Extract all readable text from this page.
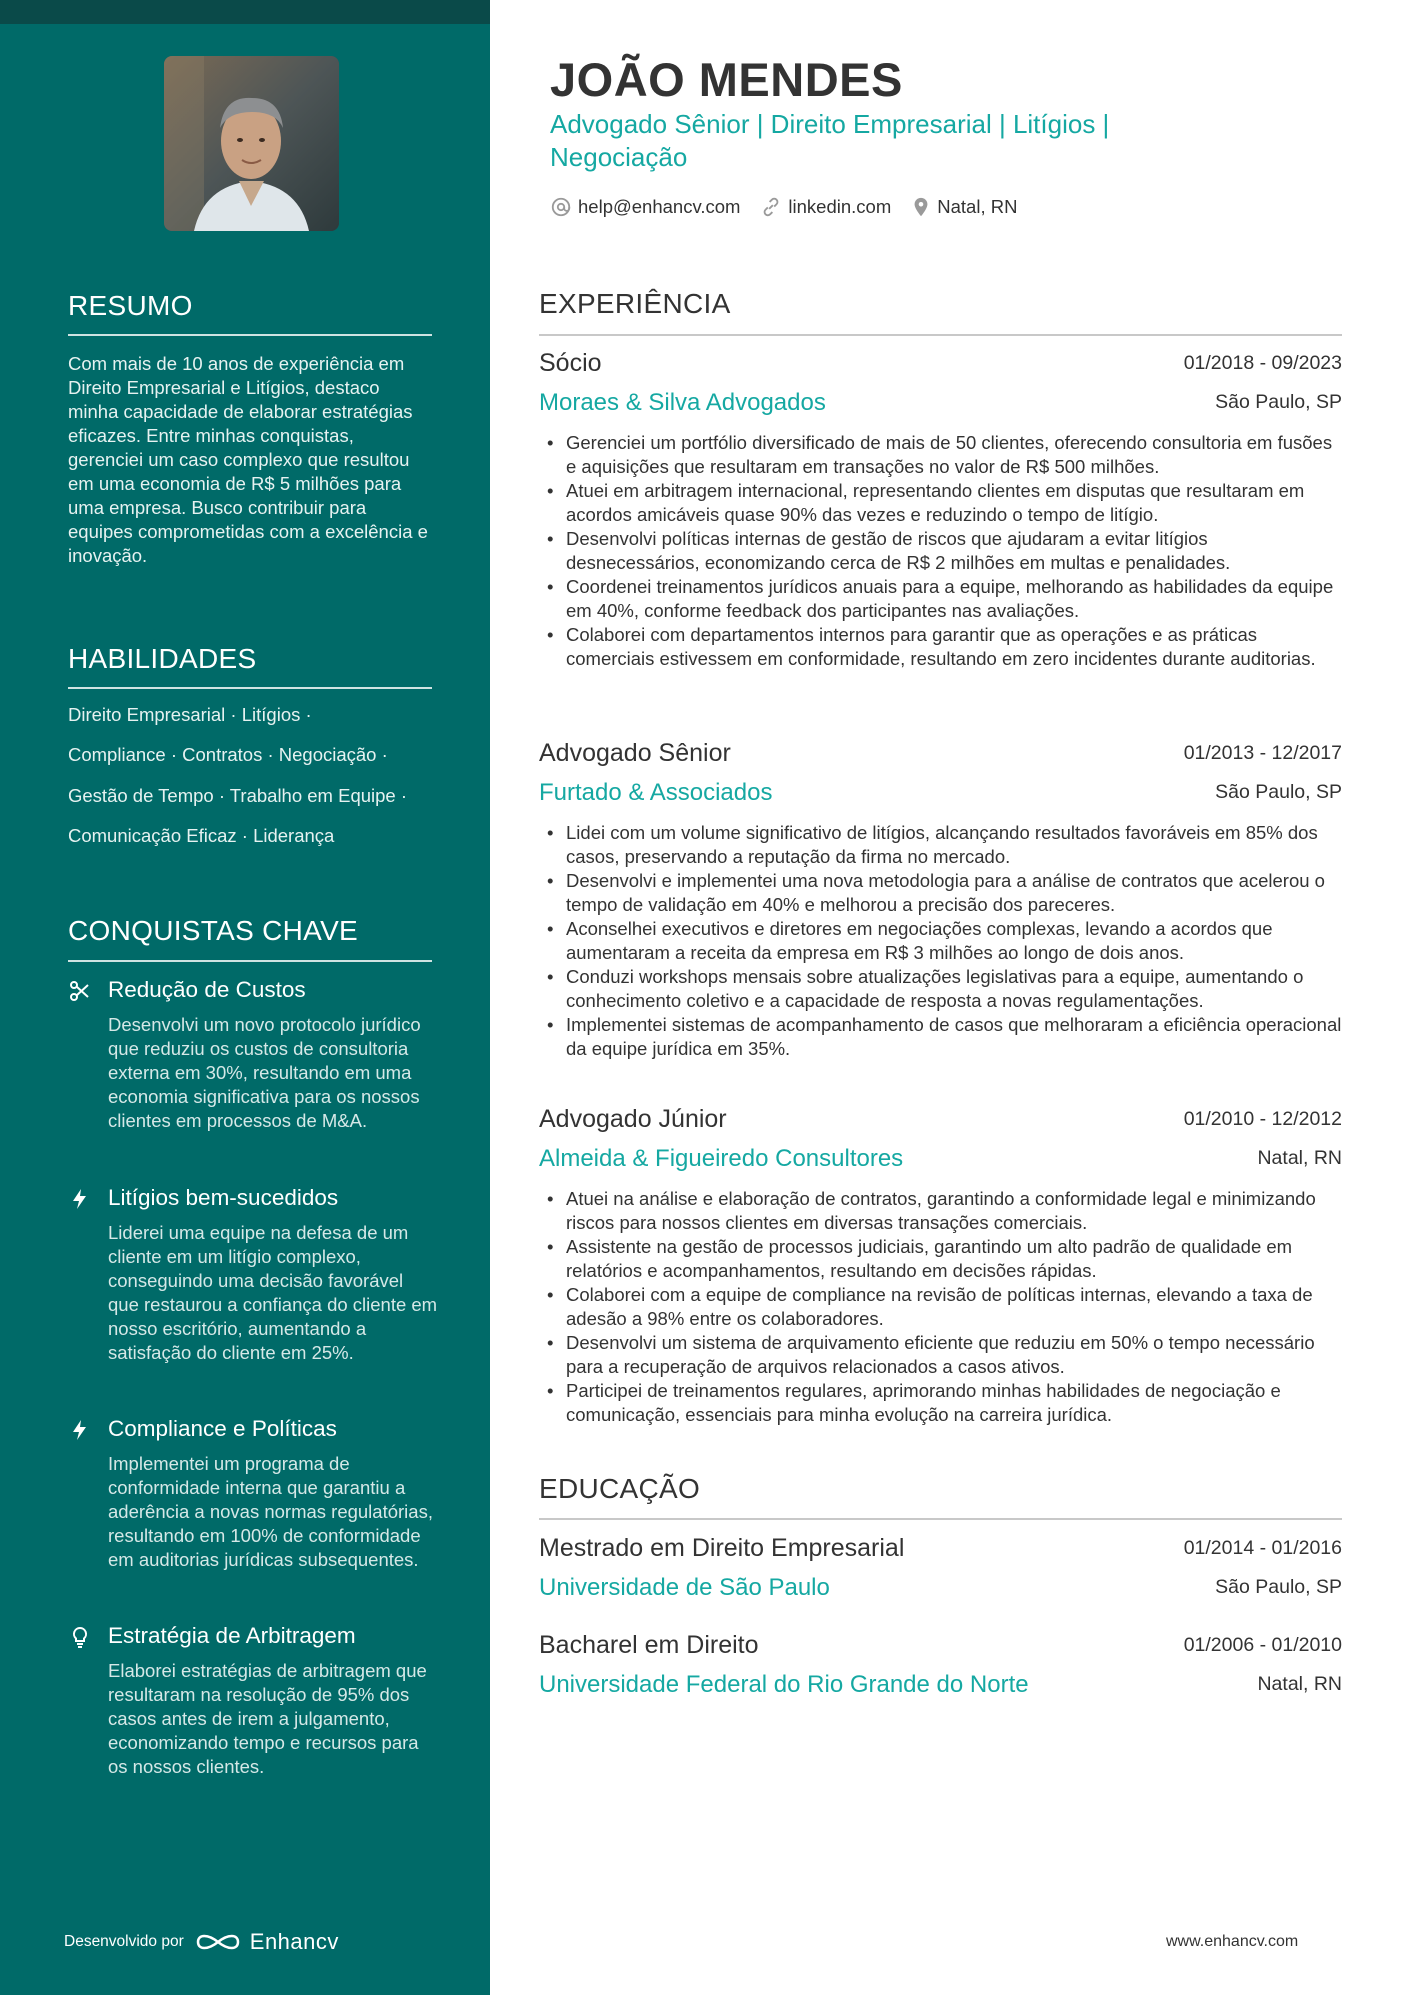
RESUMO
Com mais de 10 anos de experiência em Direito Empresarial e Litígios, destaco minha capacidade de elaborar estratégias eficazes. Entre minhas conquistas, gerenciei um caso complexo que resultou em uma economia de R$ 5 milhões para uma empresa. Busco contribuir para equipes comprometidas com a excelência e inovação.
HABILIDADES
Direito Empresarial · Litígios ·
Compliance · Contratos · Negociação ·
Gestão de Tempo · Trabalho em Equipe ·
Comunicação Eficaz · Liderança
CONQUISTAS CHAVE
Redução de Custos
Desenvolvi um novo protocolo jurídico que reduziu os custos de consultoria externa em 30%, resultando em uma economia significativa para os nossos clientes em processos de M&A.
Litígios bem-sucedidos
Liderei uma equipe na defesa de um cliente em um litígio complexo, conseguindo uma decisão favorável que restaurou a confiança do cliente em nosso escritório, aumentando a satisfação do cliente em 25%.
Compliance e Políticas
Implementei um programa de conformidade interna que garantiu a aderência a novas normas regulatórias, resultando em 100% de conformidade em auditorias jurídicas subsequentes.
Estratégia de Arbitragem
Elaborei estratégias de arbitragem que resultaram na resolução de 95% dos casos antes de irem a julgamento, economizando tempo e recursos para os nossos clientes.
Desenvolvido por	Enhancv
JOÃO MENDES
Advogado Sênior | Direito Empresarial | Litígios | Negociação
help@enhancv.com	linkedin.com Natal, RN
EXPERIÊNCIA
Sócio	01/2018 - 09/2023
Moraes & Silva Advogados	São Paulo, SP
• Gerenciei um portfólio diversificado de mais de 50 clientes, oferecendo consultoria em fusões e aquisições que resultaram em transações no valor de R$ 500 milhões.
• Atuei em arbitragem internacional, representando clientes em disputas que resultaram em acordos amicáveis quase 90% das vezes e reduzindo o tempo de litígio.
• Desenvolvi políticas internas de gestão de riscos que ajudaram a evitar litígios desnecessários, economizando cerca de R$ 2 milhões em multas e penalidades.
• Coordenei treinamentos jurídicos anuais para a equipe, melhorando as habilidades da equipe em 40%, conforme feedback dos participantes nas avaliações.
• Colaborei com departamentos internos para garantir que as operações e as práticas comerciais estivessem em conformidade, resultando em zero incidentes durante auditorias.
Advogado Sênior	01/2013 - 12/2017
Furtado & Associados	São Paulo, SP
• Lidei com um volume significativo de litígios, alcançando resultados favoráveis em 85% dos casos, preservando a reputação da firma no mercado.
• Desenvolvi e implementei uma nova metodologia para a análise de contratos que acelerou o tempo de validação em 40% e melhorou a precisão dos pareceres.
• Aconselhei executivos e diretores em negociações complexas, levando a acordos que aumentaram a receita da empresa em R$ 3 milhões ao longo de dois anos.
• Conduzi workshops mensais sobre atualizações legislativas para a equipe, aumentando o conhecimento coletivo e a capacidade de resposta a novas regulamentações.
• Implementei sistemas de acompanhamento de casos que melhoraram a eficiência operacional da equipe jurídica em 35%.
Advogado Júnior	01/2010 - 12/2012
Almeida & Figueiredo Consultores	Natal, RN
• Atuei na análise e elaboração de contratos, garantindo a conformidade legal e minimizando riscos para nossos clientes em diversas transações comerciais.
• Assistente na gestão de processos judiciais, garantindo um alto padrão de qualidade em relatórios e acompanhamentos, resultando em decisões rápidas.
• Colaborei com a equipe de compliance na revisão de políticas internas, elevando a taxa de adesão a 98% entre os colaboradores.
• Desenvolvi um sistema de arquivamento eficiente que reduziu em 50% o tempo necessário para a recuperação de arquivos relacionados a casos ativos.
• Participei de treinamentos regulares, aprimorando minhas habilidades de negociação e comunicação, essenciais para minha evolução na carreira jurídica.
EDUCAÇÃO
Mestrado em Direito Empresarial	01/2014 - 01/2016
Universidade de São Paulo	São Paulo, SP
Bacharel em Direito	01/2006 - 01/2010
Universidade Federal do Rio Grande do Norte	Natal, RN
www.enhancv.com
